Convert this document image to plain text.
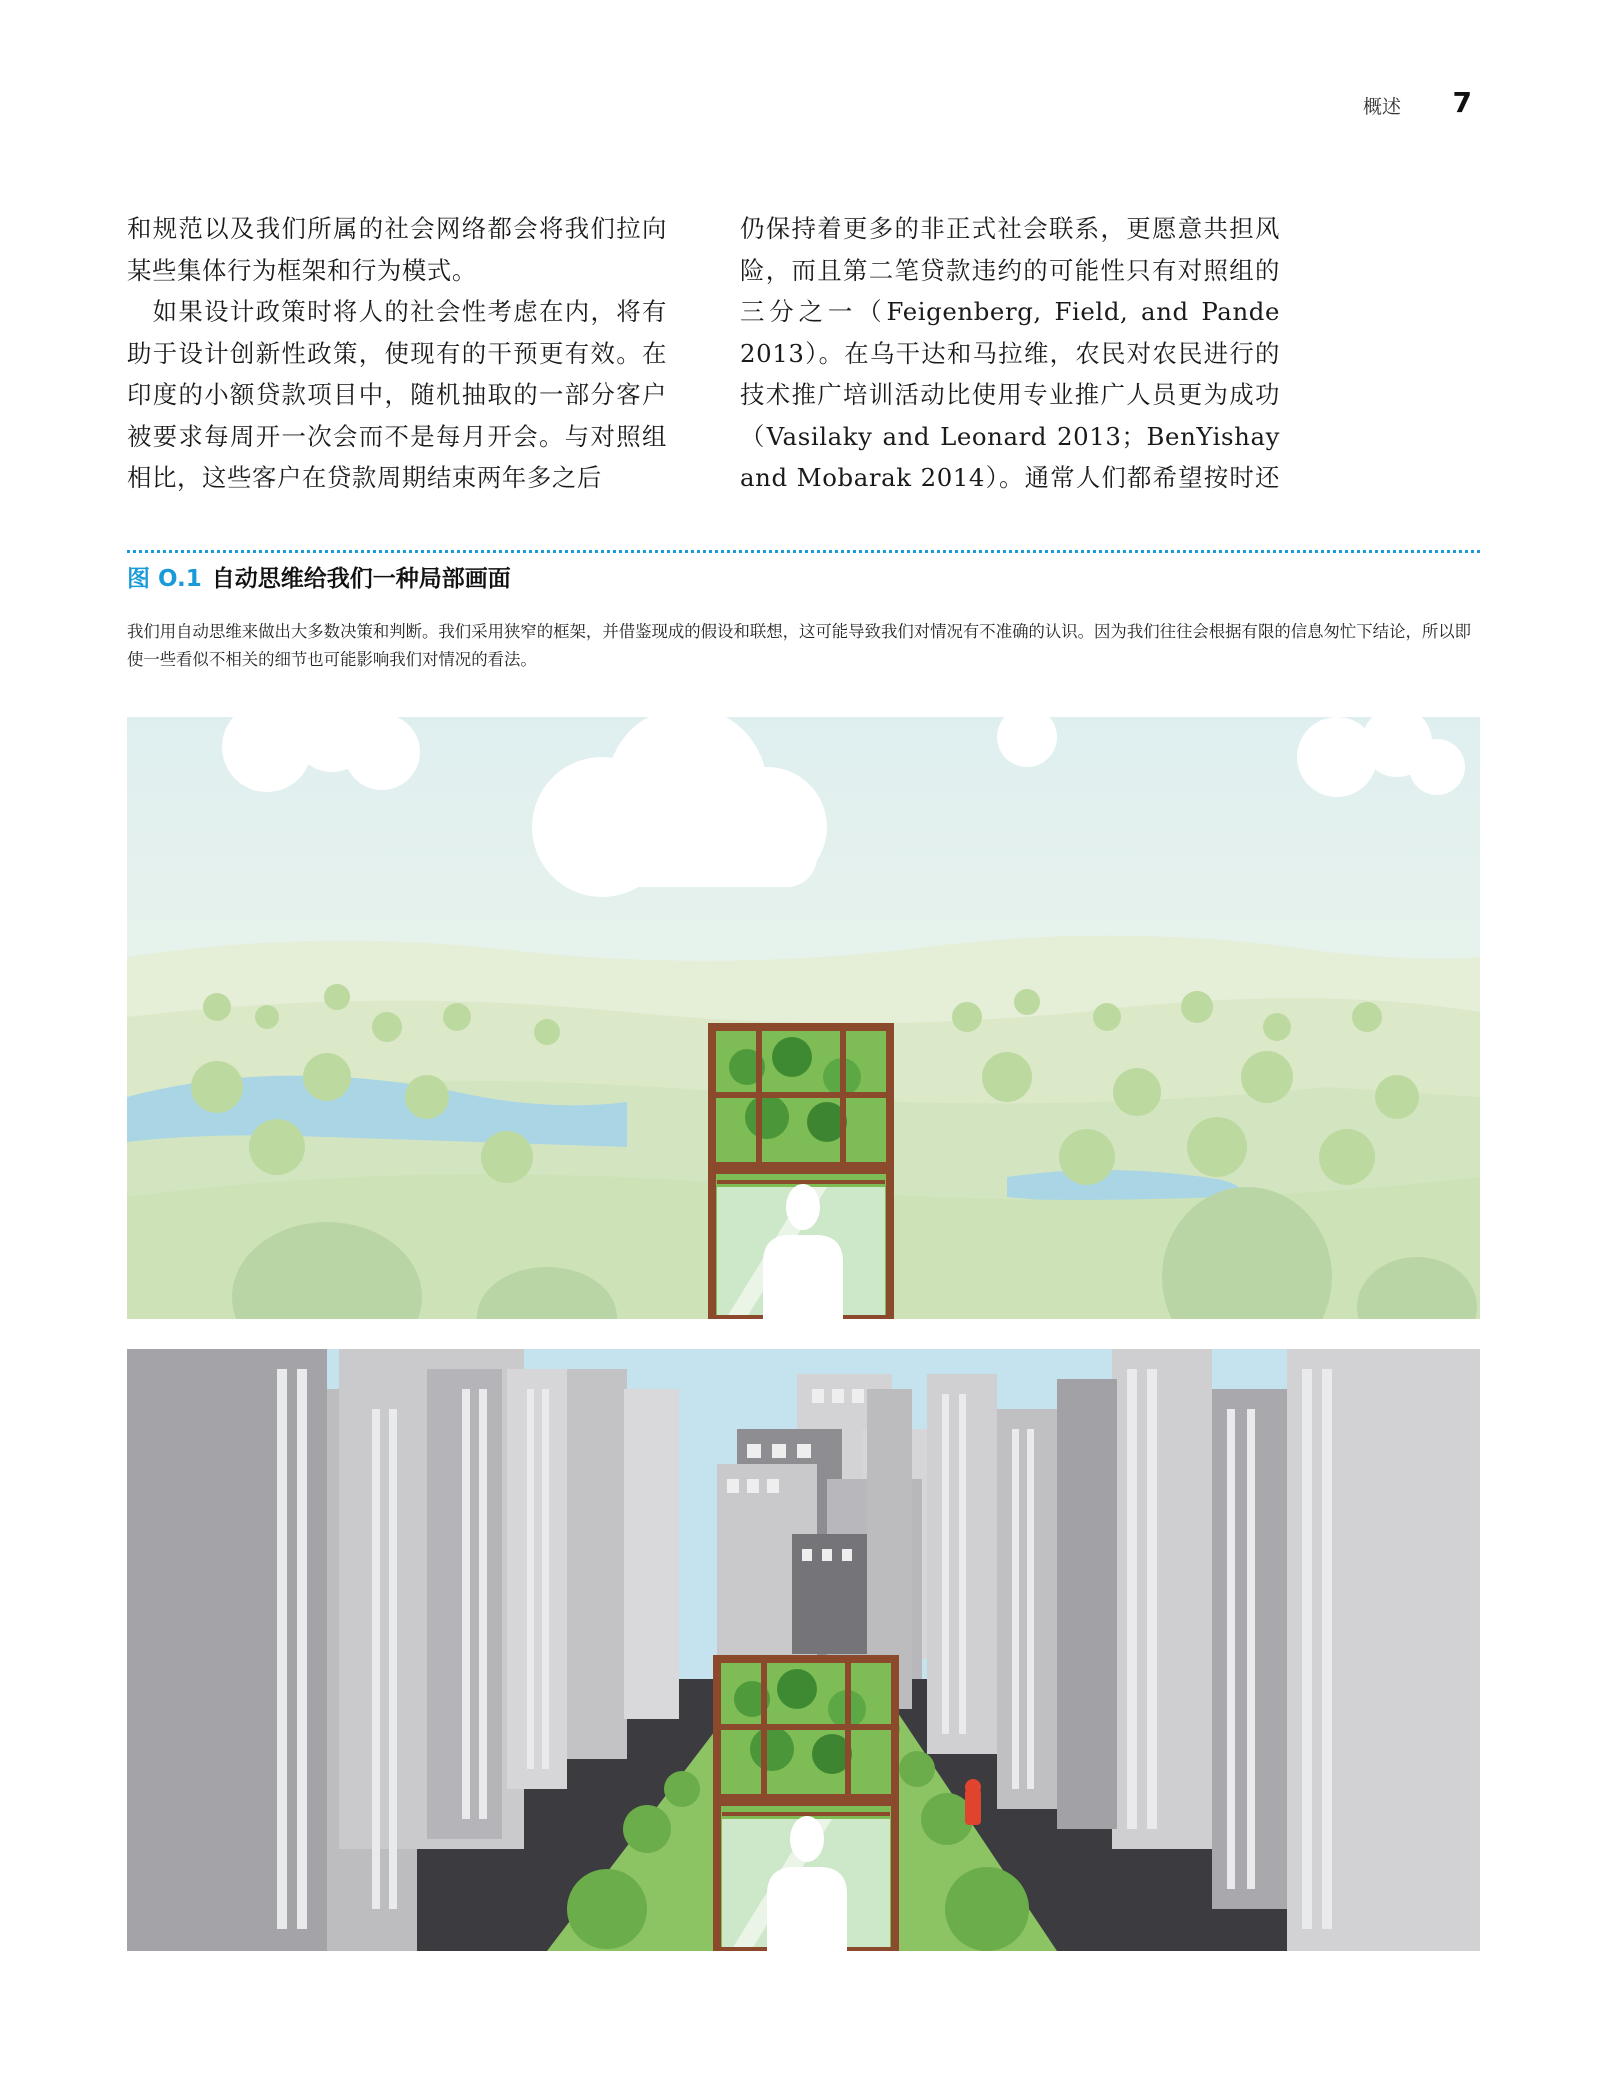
概述 7

和规范以及我们所属的社会网络都会将我们拉向

某些集体行为框架和行为模式。

如果设计政策时将人的社会性考虑在内，将有助于设计创新性政策，使现有的干预更有效。在印度的小额贷款项目中，随机抽取的一部分客户被要求每周开一次会而不是每月开会。与对照组相比，这些客户在贷款周期结束两年多之后

仍保持着更多的非正式社会联系，更愿意共担风险，而且第二笔贷款违约的可能性只有对照组的三分之一（Feigenberg, Field, and Pande 2013）。在乌干达和马拉维，农民对农民进行的技术推广培训活动比使用专业推广人员更为成功（Vasilaky and Leonard 2013；BenYishay and Mobarak 2014）。通常人们都希望按时还

图 O.1 自动思维给我们一种局部画面
我们用自动思维来做出大多数决策和判断。我们采用狭窄的框架，并借鉴现成的假设和联想，这可能导致我们对情况有不准确的认识。因为我们往往会根据有限的信息匆忙下结论，所以即使一些看似不相关的细节也可能影响我们对情况的看法。
